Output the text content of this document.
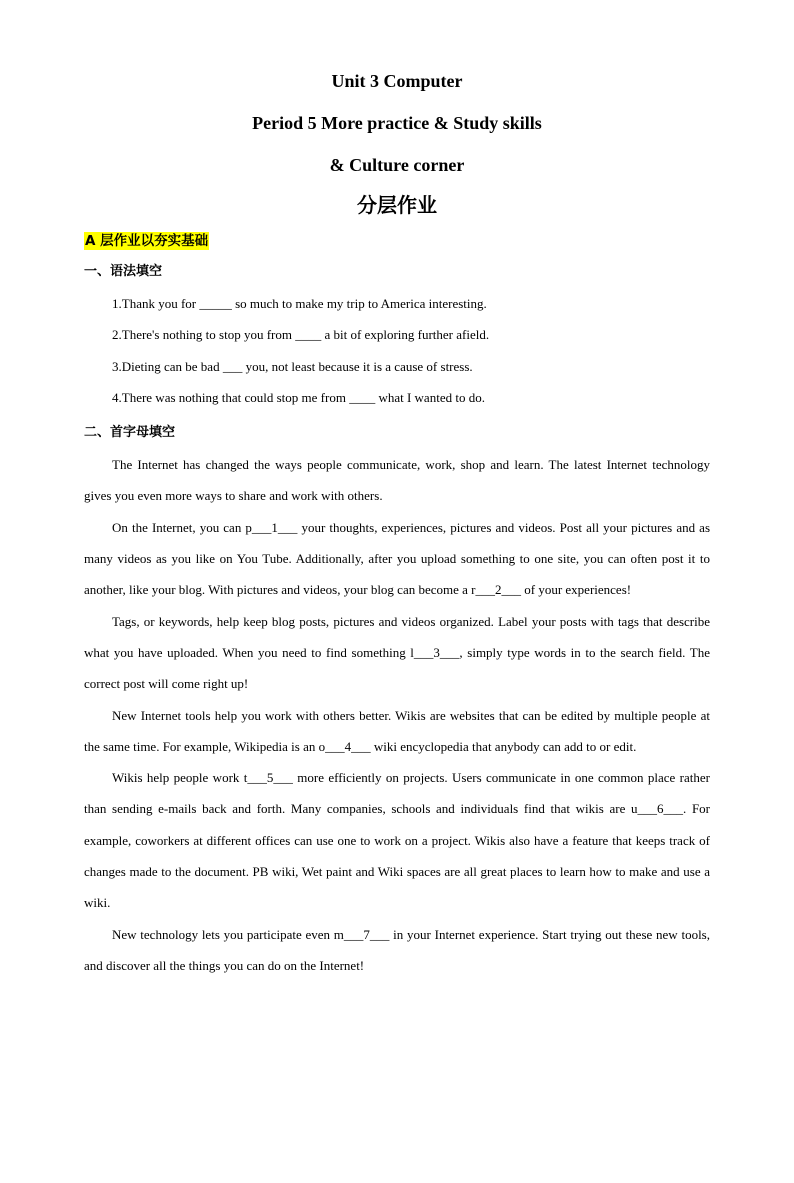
Unit 3 Computer
Period 5 More practice & Study skills
& Culture corner
分层作业
A 层作业以夯实基础
一、语法填空

1.Thank you for _____ so much to make my trip to America interesting.

2.There's nothing to stop you from ____ a bit of exploring further afield.

3.Dieting can be bad ___ you, not least because it is a cause of stress.

4.There was nothing that could stop me from ____ what I wanted to do.

二、首字母填空

The Internet has changed the ways people communicate, work, shop and learn. The latest Internet technology gives you even more ways to share and work with others.

On the Internet, you can p___1___ your thoughts, experiences, pictures and videos. Post all your pictures and as many videos as you like on You Tube. Additionally, after you upload something to one site, you can often post it to another, like your blog. With pictures and videos, your blog can become a r___2___ of your experiences!

Tags, or keywords, help keep blog posts, pictures and videos organized. Label your posts with tags that describe what you have uploaded. When you need to find something l___3___, simply type words in to the search field. The correct post will come right up!

New Internet tools help you work with others better. Wikis are websites that can be edited by multiple people at the same time. For example, Wikipedia is an o___4___ wiki encyclopedia that anybody can add to or edit.

Wikis help people work t___5___ more efficiently on projects. Users communicate in one common place rather than sending e-mails back and forth. Many companies, schools and individuals find that wikis are u___6___. For example, coworkers at different offices can use one to work on a project. Wikis also have a feature that keeps track of changes made to the document. PB wiki, Wet paint and Wiki spaces are all great places to learn how to make and use a wiki.

New technology lets you participate even m___7___ in your Internet experience. Start trying out these new tools, and discover all the things you can do on the Internet!
